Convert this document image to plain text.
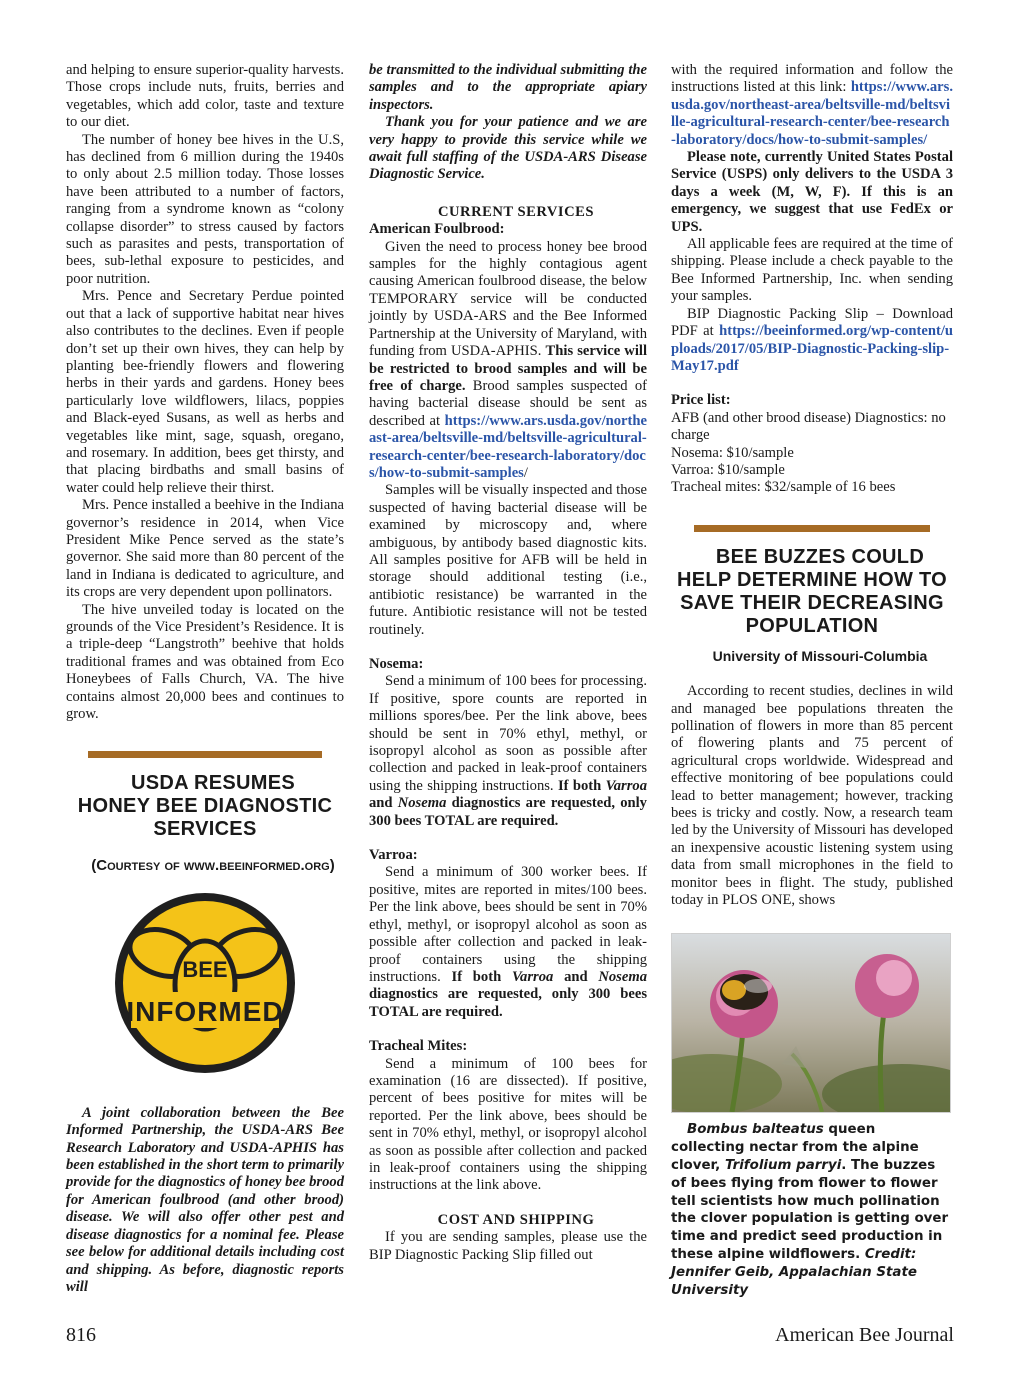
and helping to ensure superior-quality harvests. Those crops include nuts, fruits, berries and vegetables, which add color, taste and texture to our diet.

The number of honey bee hives in the U.S, has declined from 6 million during the 1940s to only about 2.5 million today. Those losses have been attributed to a number of factors, ranging from a syndrome known as “colony collapse disorder” to stress caused by factors such as parasites and pests, transportation of bees, sub-lethal exposure to pesticides, and poor nutrition.

Mrs. Pence and Secretary Perdue pointed out that a lack of supportive habitat near hives also contributes to the declines. Even if people don’t set up their own hives, they can help by planting bee-friendly flowers and flowering herbs in their yards and gardens. Honey bees particularly love wildflowers, lilacs, poppies and Black-eyed Susans, as well as herbs and vegetables like mint, sage, squash, oregano, and rosemary. In addition, bees get thirsty, and that placing birdbaths and small basins of water could help relieve their thirst.

Mrs. Pence installed a beehive in the Indiana governor’s residence in 2014, when Vice President Mike Pence served as the state’s governor. She said more than 80 percent of the land in Indiana is dedicated to agriculture, and its crops are very dependent upon pollinators.

The hive unveiled today is located on the grounds of the Vice President’s Residence. It is a triple-deep “Langstroth” beehive that holds traditional frames and was obtained from Eco Honeybees of Falls Church, VA. The hive contains almost 20,000 bees and continues to grow.

USDA RESUMES HONEY BEE DIAGNOSTIC SERVICES

(Courtesy of www.beeinformed.org)

BEE
INFORMED

A joint collaboration between the Bee Informed Partnership, the USDA-ARS Bee Research Laboratory and USDA-APHIS has been established in the short term to primarily provide for the diagnostics of honey bee brood for American foulbrood (and other brood) disease. We will also offer other pest and disease diagnostics for a nominal fee. Please see below for additional details including cost and shipping. As before, diagnostic reports will

be transmitted to the individual submitting the samples and to the appropriate apiary inspectors.

Thank you for your patience and we are very happy to provide this service while we await full staffing of the USDA-ARS Disease Diagnostic Service.

CURRENT SERVICES

American Foulbrood:

Given the need to process honey bee brood samples for the highly contagious agent causing American foulbrood disease, the below TEMPORARY service will be conducted jointly by USDA-ARS and the Bee Informed Partnership at the University of Maryland, with funding from USDA-APHIS. This service will be restricted to brood samples and will be free of charge. Brood samples suspected of having bacterial disease should be sent as described at https://www.ars.usda.gov/northeast-area/beltsville-md/beltsville-agricultural-research-center/bee-research-laboratory/docs/how-to-submit-samples/

Samples will be visually inspected and those suspected of having bacterial disease will be examined by microscopy and, where ambiguous, by antibody based diagnostic kits. All samples positive for AFB will be held in storage should additional testing (i.e., antibiotic resistance) be warranted in the future. Antibiotic resistance will not be tested routinely.

Nosema:

Send a minimum of 100 bees for processing. If positive, spore counts are reported in millions spores/bee. Per the link above, bees should be sent in 70% ethyl, methyl, or isopropyl alcohol as soon as possible after collection and packed in leak-proof containers using the shipping instructions. If both Varroa and Nosema diagnostics are requested, only 300 bees TOTAL are required.

Varroa:

Send a minimum of 300 worker bees. If positive, mites are reported in mites/100 bees. Per the link above, bees should be sent in 70% ethyl, methyl, or isopropyl alcohol as soon as possible after collection and packed in leak-proof containers using the shipping instructions. If both Varroa and Nosema diagnostics are requested, only 300 bees TOTAL are required.

Tracheal Mites:

Send a minimum of 100 bees for examination (16 are dissected). If positive, percent of bees positive for mites will be reported. Per the link above, bees should be sent in 70% ethyl, methyl, or isopropyl alcohol as soon as possible after collection and packed in leak-proof containers using the shipping instructions at the link above.

COST AND SHIPPING

If you are sending samples, please use the BIP Diagnostic Packing Slip filled out

with the required information and follow the instructions listed at this link: https://www.ars.usda.gov/northeast-area/beltsville-md/beltsville-agricultural-research-center/bee-research-laboratory/docs/how-to-submit-samples/

Please note, currently United States Postal Service (USPS) only delivers to the USDA 3 days a week (M, W, F). If this is an emergency, we suggest that use FedEx or UPS.

All applicable fees are required at the time of shipping. Please include a check payable to the Bee Informed Partnership, Inc. when sending your samples.

BIP Diagnostic Packing Slip – Download PDF at https://beeinformed.org/wp-content/uploads/2017/05/BIP-Diagnostic-Packing-slip-May17.pdf

Price list:

AFB (and other brood disease) Diagnostics: no charge

Nosema: $10/sample

Varroa: $10/sample

Tracheal mites: $32/sample of 16 bees

BEE BUZZES COULD HELP DETERMINE HOW TO SAVE THEIR DECREASING POPULATION

University of Missouri-Columbia

According to recent studies, declines in wild and managed bee populations threaten the pollination of flowers in more than 85 percent of flowering plants and 75 percent of agricultural crops worldwide. Widespread and effective monitoring of bee populations could lead to better management; however, tracking bees is tricky and costly. Now, a research team led by the University of Missouri has developed an inexpensive acoustic listening system using data from small microphones in the field to monitor bees in flight. The study, published today in PLOS ONE, shows

Bombus balteatus queen collecting nectar from the alpine clover, Trifolium parryi. The buzzes of bees flying from flower to flower tell scientists how much pollination the clover population is getting over time and predict seed production in these alpine wildflowers. Credit: Jennifer Geib, Appalachian State University

816	American Bee Journal
